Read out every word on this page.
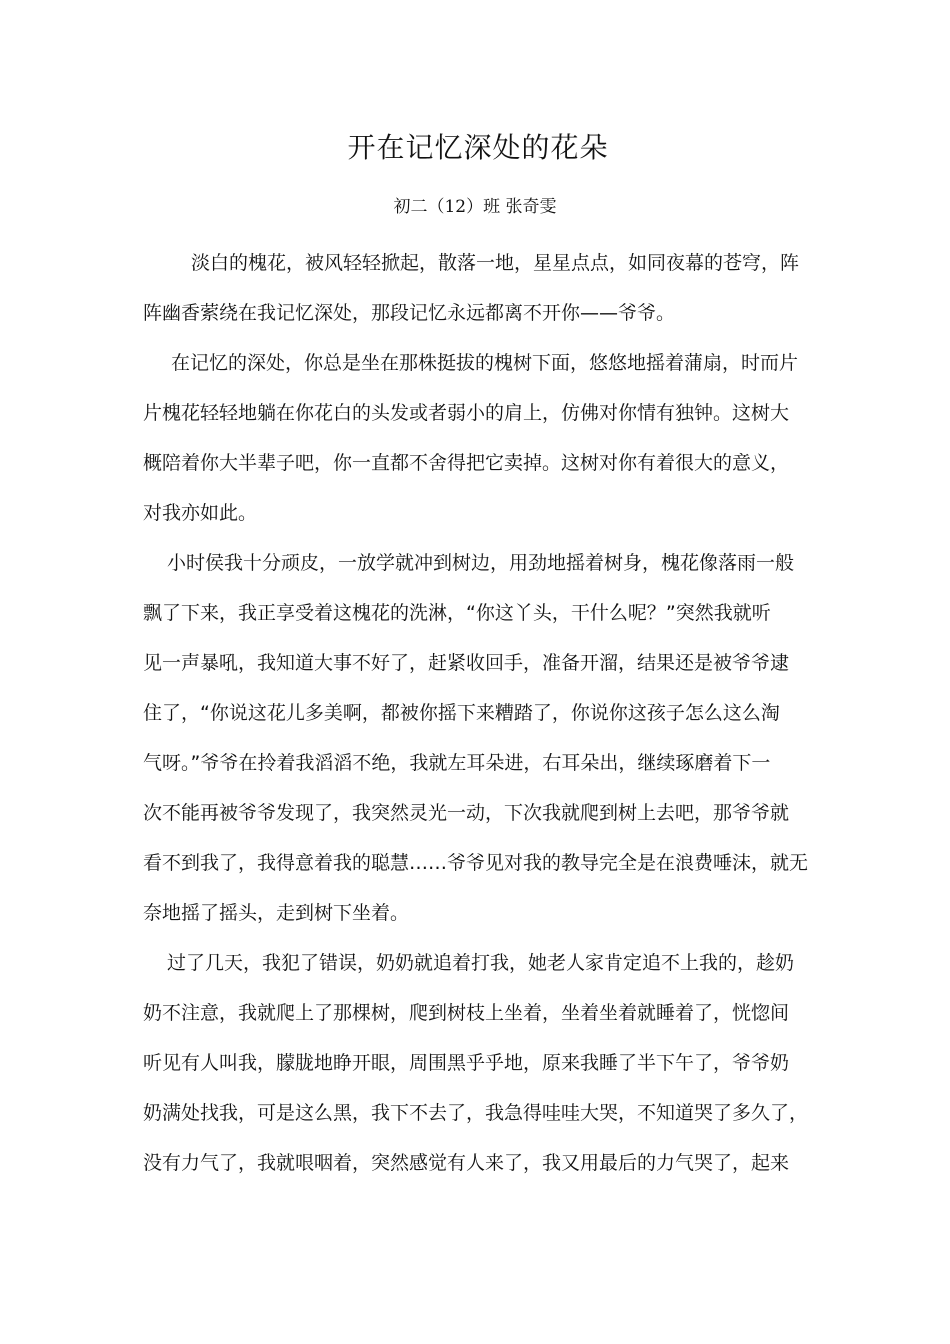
开在记忆深处的花朵
初二（12）班 张奇雯
淡白的槐花，被风轻轻掀起，散落一地，星星点点，如同夜幕的苍穹，阵
阵幽香萦绕在我记忆深处，那段记忆永远都离不开你——爷爷。
在记忆的深处，你总是坐在那株挺拔的槐树下面，悠悠地摇着蒲扇，时而片
片槐花轻轻地躺在你花白的头发或者弱小的肩上，仿佛对你情有独钟。这树大
概陪着你大半辈子吧，你一直都不舍得把它卖掉。这树对你有着很大的意义，
对我亦如此。
小时侯我十分顽皮，一放学就冲到树边，用劲地摇着树身，槐花像落雨一般
飘了下来，我正享受着这槐花的洗淋，“你这丫头，干什么呢？”突然我就听
见一声暴吼，我知道大事不好了，赶紧收回手，准备开溜，结果还是被爷爷逮
住了，“你说这花儿多美啊，都被你摇下来糟踏了，你说你这孩子怎么这么淘
气呀。”爷爷在拎着我滔滔不绝，我就左耳朵进，右耳朵出，继续琢磨着下一
次不能再被爷爷发现了，我突然灵光一动，下次我就爬到树上去吧，那爷爷就
看不到我了，我得意着我的聪慧……爷爷见对我的教导完全是在浪费唾沫，就无
奈地摇了摇头，走到树下坐着。
过了几天，我犯了错误，奶奶就追着打我，她老人家肯定追不上我的，趁奶
奶不注意，我就爬上了那棵树，爬到树枝上坐着，坐着坐着就睡着了，恍惚间
听见有人叫我，朦胧地睁开眼，周围黑乎乎地，原来我睡了半下午了，爷爷奶
奶满处找我，可是这么黑，我下不去了，我急得哇哇大哭，不知道哭了多久了，
没有力气了，我就哏咽着，突然感觉有人来了，我又用最后的力气哭了，起来
